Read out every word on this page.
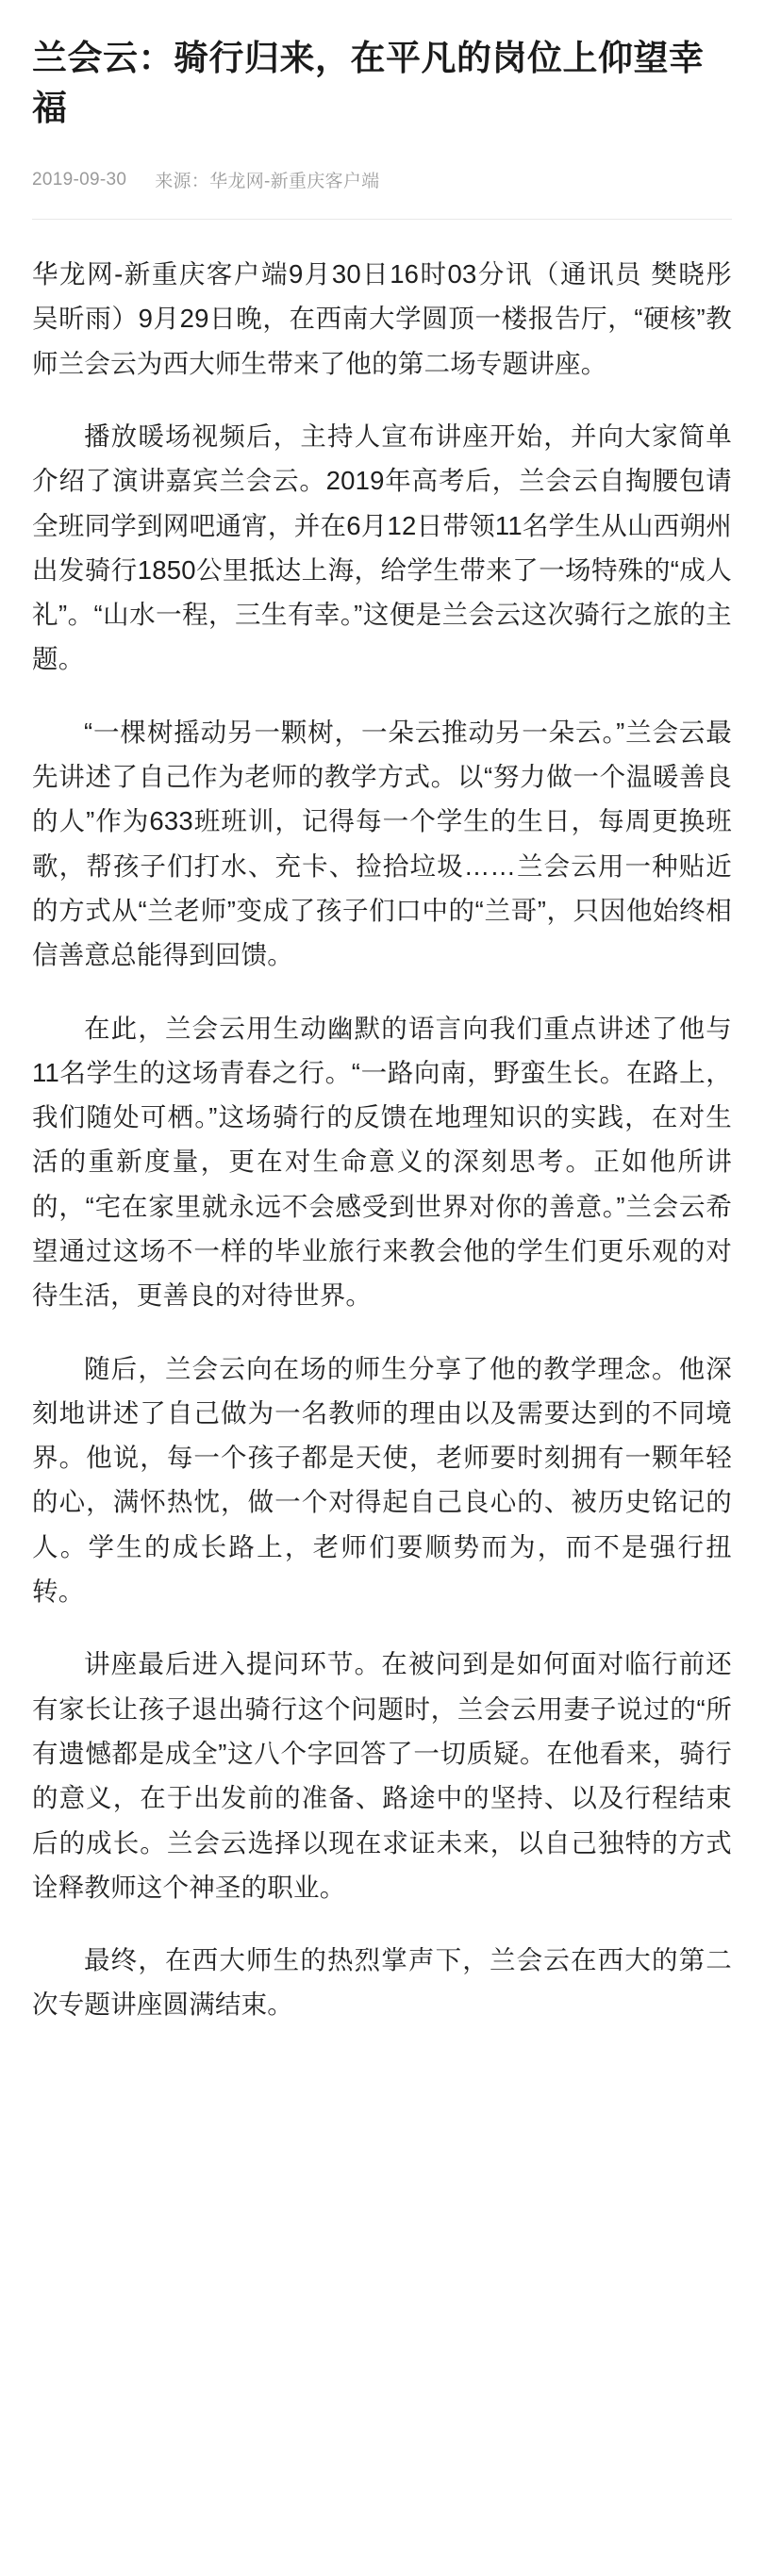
兰会云：骑行归来，在平凡的岗位上仰望幸福
2019-09-30 来源：华龙网-新重庆客户端

华龙网-新重庆客户端9月30日16时03分讯（通讯员 樊晓彤 吴昕雨）9月29日晚，在西南大学圆顶一楼报告厅，“硬核”教师兰会云为西大师生带来了他的第二场专题讲座。

播放暖场视频后，主持人宣布讲座开始，并向大家简单介绍了演讲嘉宾兰会云。2019年高考后，兰会云自掏腰包请全班同学到网吧通宵，并在6月12日带领11名学生从山西朔州出发骑行1850公里抵达上海，给学生带来了一场特殊的“成人礼”。“山水一程，三生有幸。”这便是兰会云这次骑行之旅的主题。

“一棵树摇动另一颗树，一朵云推动另一朵云。”兰会云最先讲述了自己作为老师的教学方式。以“努力做一个温暖善良的人”作为633班班训，记得每一个学生的生日，每周更换班歌，帮孩子们打水、充卡、捡拾垃圾……兰会云用一种贴近的方式从“兰老师”变成了孩子们口中的“兰哥”，只因他始终相信善意总能得到回馈。

在此，兰会云用生动幽默的语言向我们重点讲述了他与11名学生的这场青春之行。“一路向南，野蛮生长。在路上，我们随处可栖。”这场骑行的反馈在地理知识的实践，在对生活的重新度量，更在对生命意义的深刻思考。正如他所讲的，“宅在家里就永远不会感受到世界对你的善意。”兰会云希望通过这场不一样的毕业旅行来教会他的学生们更乐观的对待生活，更善良的对待世界。

随后，兰会云向在场的师生分享了他的教学理念。他深刻地讲述了自己做为一名教师的理由以及需要达到的不同境界。他说，每一个孩子都是天使，老师要时刻拥有一颗年轻的心，满怀热忱，做一个对得起自己良心的、被历史铭记的人。学生的成长路上，老师们要顺势而为，而不是强行扭转。

讲座最后进入提问环节。在被问到是如何面对临行前还有家长让孩子退出骑行这个问题时，兰会云用妻子说过的“所有遗憾都是成全”这八个字回答了一切质疑。在他看来，骑行的意义，在于出发前的准备、路途中的坚持、以及行程结束后的成长。兰会云选择以现在求证未来，以自己独特的方式诠释教师这个神圣的职业。

最终，在西大师生的热烈掌声下，兰会云在西大的第二次专题讲座圆满结束。
